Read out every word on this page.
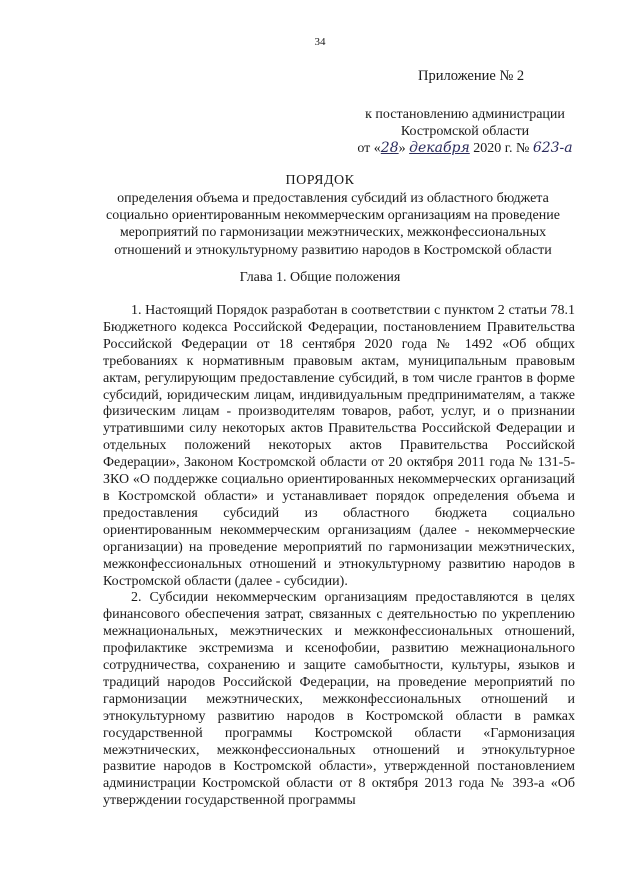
34
Приложение № 2
к постановлению администрации
Костромской области
от «28» декабря 2020 г. № 623-а
ПОРЯДОК
определения объема и предоставления субсидий из областного бюджета социально ориентированным некоммерческим организациям на проведение мероприятий по гармонизации межэтнических, межконфессиональных отношений и этнокультурному развитию народов в Костромской области
Глава 1. Общие положения

1. Настоящий Порядок разработан в соответствии с пунктом 2 статьи 78.1 Бюджетного кодекса Российской Федерации, постановлением Правительства Российской Федерации от 18 сентября 2020 года № 1492 «Об общих требованиях к нормативным правовым актам, муниципальным правовым актам, регулирующим предоставление субсидий, в том числе грантов в форме субсидий, юридическим лицам, индивидуальным предпринимателям, а также физическим лицам - производителям товаров, работ, услуг, и о признании утратившими силу некоторых актов Правительства Российской Федерации и отдельных положений некоторых актов Правительства Российской Федерации», Законом Костромской области от 20 октября 2011 года № 131-5-ЗКО «О поддержке социально ориентированных некоммерческих организаций в Костромской области» и устанавливает порядок определения объема и предоставления субсидий из областного бюджета социально ориентированным некоммерческим организациям (далее - некоммерческие организации) на проведение мероприятий по гармонизации межэтнических, межконфессиональных отношений и этнокультурному развитию народов в Костромской области (далее - субсидии).

2. Субсидии некоммерческим организациям предоставляются в целях финансового обеспечения затрат, связанных с деятельностью по укреплению межнациональных, межэтнических и межконфессиональных отношений, профилактике экстремизма и ксенофобии, развитию межнационального сотрудничества, сохранению и защите самобытности, культуры, языков и традиций народов Российской Федерации, на проведение мероприятий по гармонизации межэтнических, межконфессиональных отношений и этнокультурному развитию народов в Костромской области в рамках государственной программы Костромской области «Гармонизация межэтнических, межконфессиональных отношений и этнокультурное развитие народов в Костромской области», утвержденной постановлением администрации Костромской области от 8 октября 2013 года № 393-а «Об утверждении государственной программы
